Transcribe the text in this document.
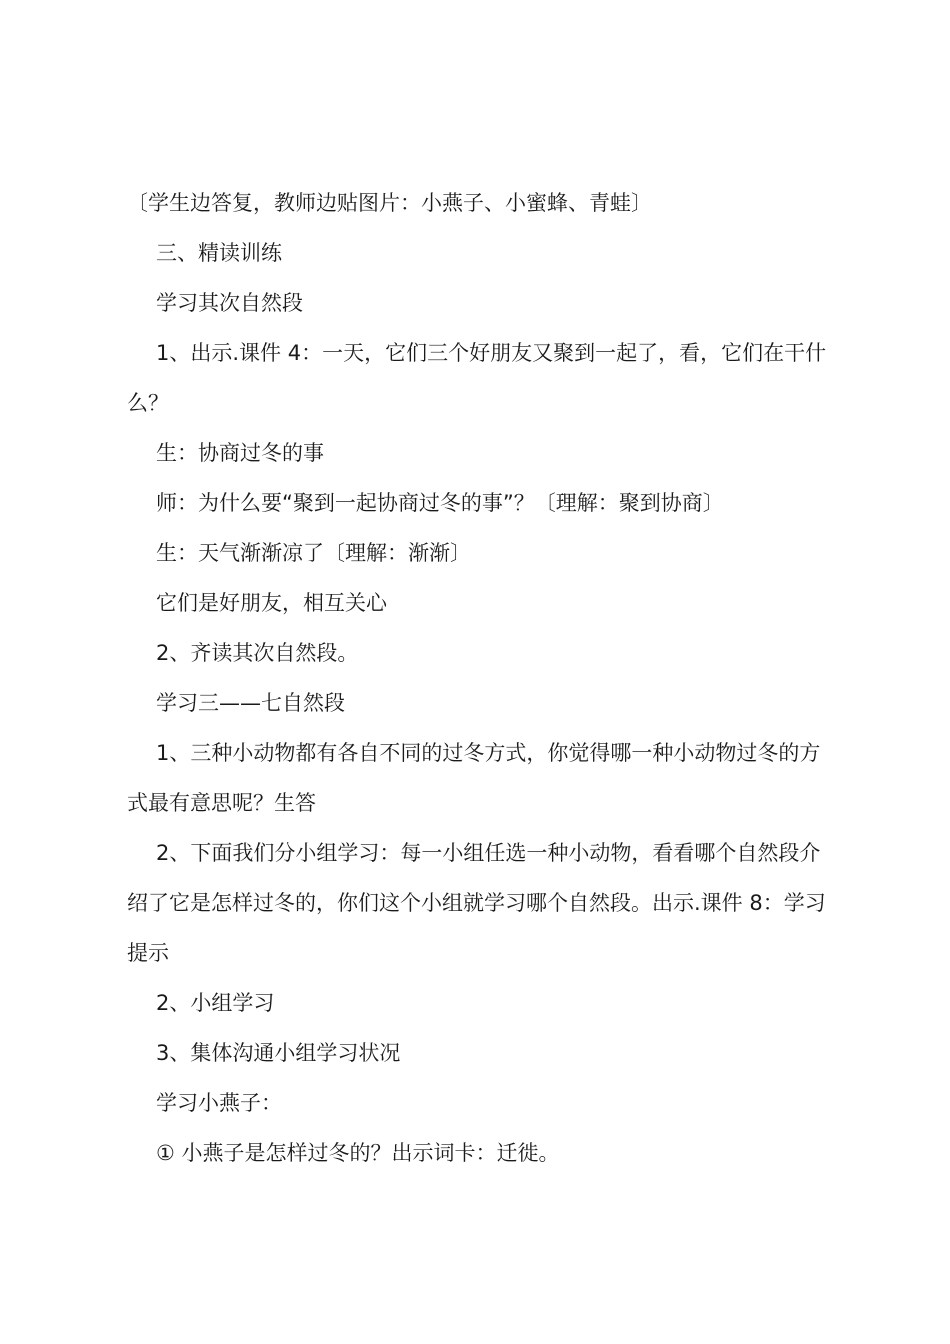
〔学生边答复，教师边贴图片：小燕子、小蜜蜂、青蛙〕

三、精读训练

学习其次自然段

1、出示.课件 4：一天，它们三个好朋友又聚到一起了，看，它们在干什么？

生：协商过冬的事

师：为什么要“聚到一起协商过冬的事”？〔理解：聚到协商〕

生：天气渐渐凉了〔理解：渐渐〕

它们是好朋友，相互关心

2、齐读其次自然段。

学习三——七自然段

1、三种小动物都有各自不同的过冬方式，你觉得哪一种小动物过冬的方式最有意思呢？生答

2、下面我们分小组学习：每一小组任选一种小动物，看看哪个自然段介绍了它是怎样过冬的，你们这个小组就学习哪个自然段。出示.课件 8：学习提示

2、小组学习

3、集体沟通小组学习状况

学习小燕子：

① 小燕子是怎样过冬的？出示词卡：迁徙。
